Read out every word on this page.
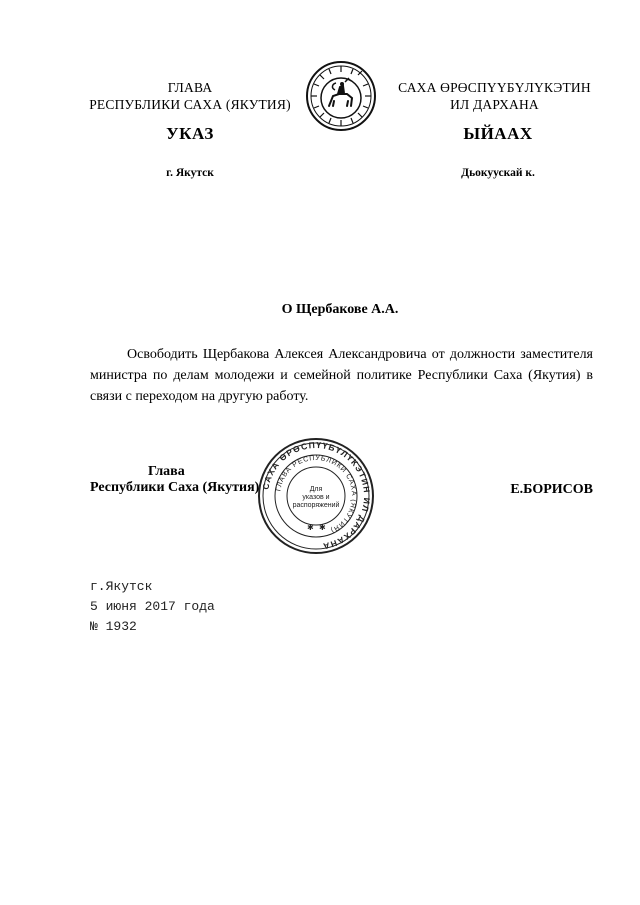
ГЛАВА
РЕСПУБЛИКИ САХА (ЯКУТИЯ)
САХА ӨРӨСПҮҮБҮЛҮКЭТИН
ИЛ ДАРХАНА
УКАЗ	ЫЙААХ
г. Якутск	Дьокуускай к.
О Щербакове А.А.
Освободить Щербакова Алексея Александровича от должности заместителя министра по делам молодежи и семейной политике Республики Саха (Якутия) в связи с переходом на другую работу.
САХА ӨРӨСПҮҮБҮЛҮКЭТИН ИЛ ДАРХАНА
ГЛАВА РЕСПУБЛИКИ САХА (ЯКУТИЯ)
Для
указов и
распоряжений
✱ ✱
Глава
Республики Саха (Якутия)	Е.БОРИСОВ
г.Якутск
5 июня 2017 года
№ 1932
